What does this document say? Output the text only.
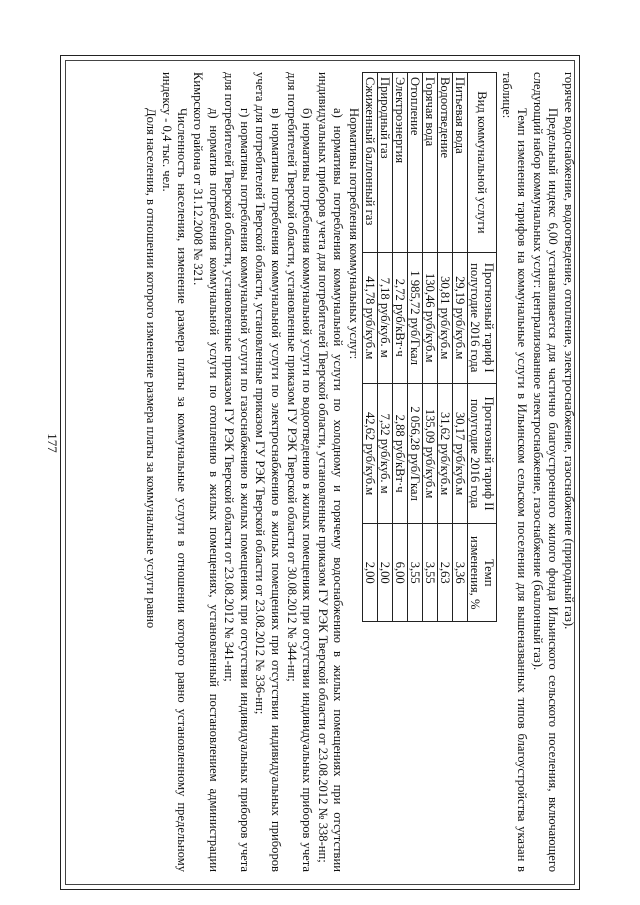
177	горячее водоснабжение, водоотведение, отопление, электроснабжение, газоснабжение (природный газ).

Предельный индекс 6,00 устанавливается для частично благоустроенного жилого фонда Ильинского сельского поселения, включающего следующий набор коммунальных услуг: централизованное электроснабжение, газоснабжение (баллонный газ).

Темп изменения тарифов на коммунальные услуги в Ильинском сельском поселении для вышеназванных типов благоустройства указан в таблице:

Вид коммунальной услуги	Прогнозный тариф I полугодие 2016 года	Прогнозный тариф II полугодие 2016 года	Темп изменения, %
Питьевая вода	29,19 руб/куб.м	30,17 руб/куб.м	3,36
Водоотведение	30,81 руб/куб.м	31,62 руб/куб.м	2,63
Горячая вода	130,46 руб/куб.м	135,09 руб/куб.м	3,55
Отопление	1 985,72 руб/Гкал	2 056,28 руб/Гкал	3,55
Электроэнергия	2,72 руб/кВт·ч	2,88 руб/кВт·ч	6,00
Природный газ	7,18 руб/куб. м	7,32 руб/куб. м	2,00
Сжиженный баллонный газ	41,78 руб/куб.м	42,62 руб/куб.м	2,00

Нормативы потребления коммунальных услуг:

а) нормативы потребления коммунальной услуги по холодному и горячему водоснабжению в жилых помещениях при отсутствии индивидуальных приборов учета для потребителей Тверской области, установленные приказом ГУ РЭК Тверской области от 23.08.2012 № 338-нп;

б) нормативы потребления коммунальной услуги по водоотведению в жилых помещениях при отсутствии индивидуальных приборов учета для потребителей Тверской области, установленные приказом ГУ РЭК Тверской области от 30.08.2012 № 344-нп;

в) нормативы потребления коммунальной услуги по электроснабжению в жилых помещениях при отсутствии индивидуальных приборов учета для потребителей Тверской области, установленные приказом ГУ РЭК Тверской области от 23.08.2012 № 336-нп;

г) нормативы потребления коммунальной услуги по газоснабжению в жилых помещениях при отсутствии индивидуальных приборов учета для потребителей Тверской области, установленные приказом ГУ РЭК Тверской области от 23.08.2012 № 341-нп;

д) норматив потребления коммунальной услуги по отоплению в жилых помещениях, установленный постановлением администрации Кимрского района от 31.12.2008 № 321.

Численность населения, изменение размера платы за коммунальные услуги в отношении которого равно установленному предельному индексу - 0,4 тыс. чел.

Доля населения, в отношении которого изменение размера платы за коммунальные услуги равно
